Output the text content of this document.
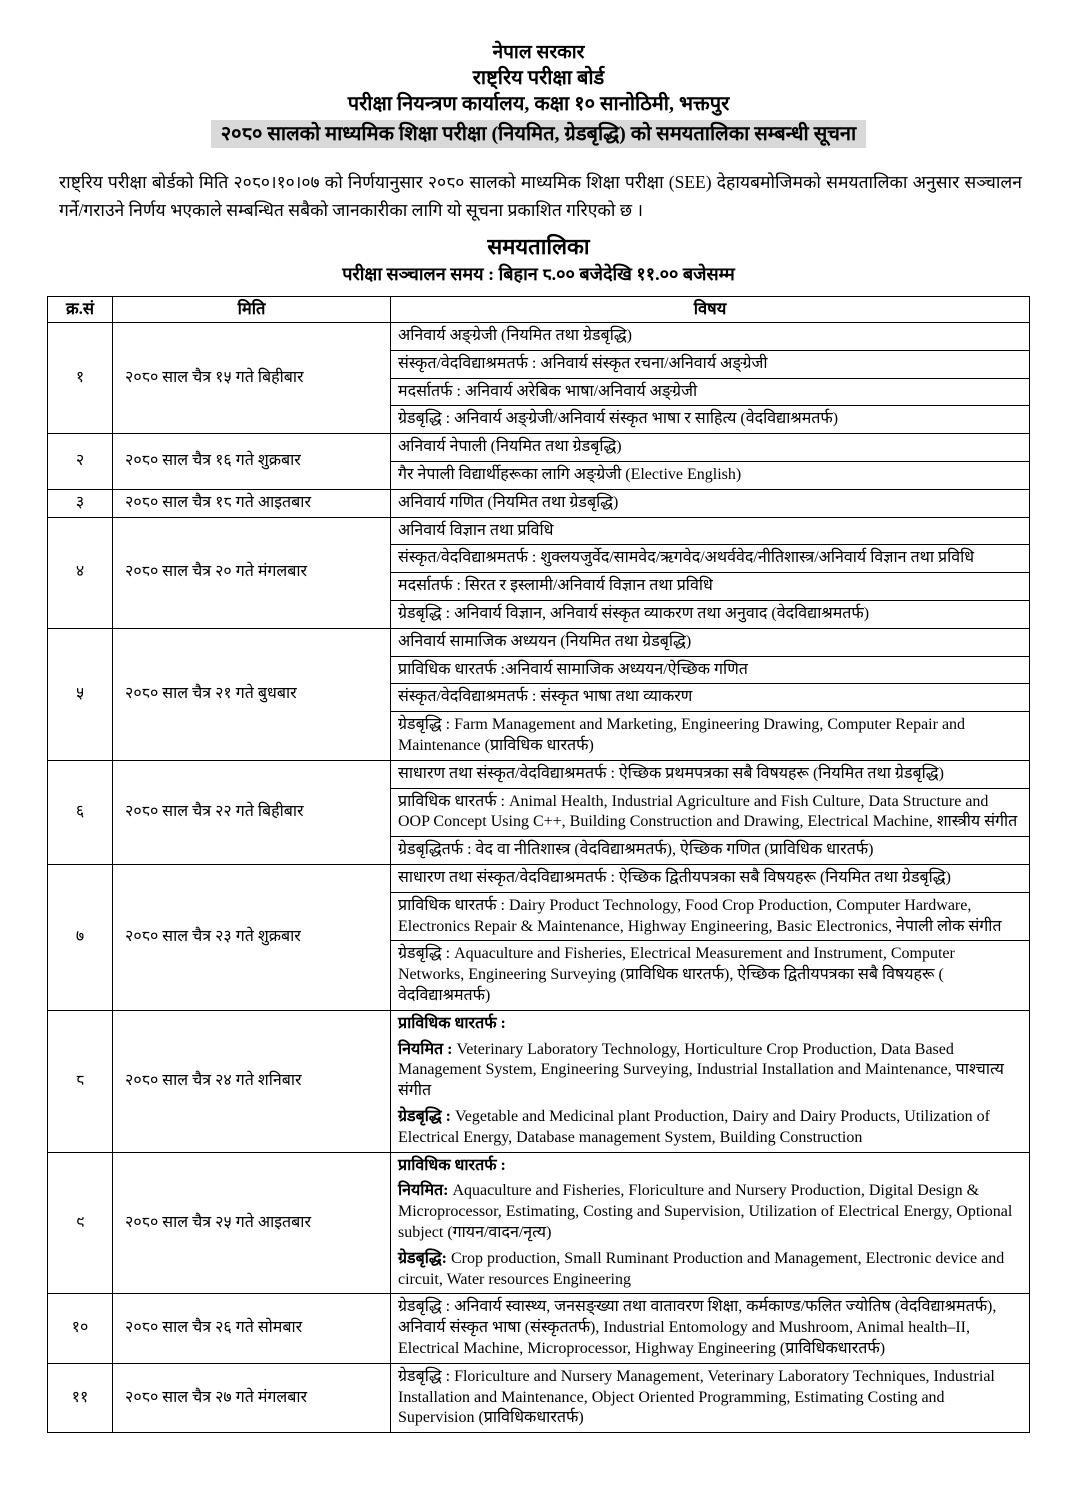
नेपाल सरकार
राष्ट्रिय परीक्षा बोर्ड
परीक्षा नियन्त्रण कार्यालय, कक्षा १० सानोठिमी, भक्तपुर
२०८० सालको माध्यमिक शिक्षा परीक्षा (नियमित, ग्रेडबृद्धि) को समयतालिका सम्बन्धी सूचना

राष्ट्रिय परीक्षा बोर्डको मिति २०८०।१०।०७ को निर्णयानुसार २०८० सालको माध्यमिक शिक्षा परीक्षा (SEE) देहायबमोजिमको समयतालिका अनुसार सञ्चालन गर्ने/गराउने निर्णय भएकाले सम्बन्धित सबैको जानकारीका लागि यो सूचना प्रकाशित गरिएको छ ।

समयतालिका
परीक्षा सञ्चालन समय : बिहान ८.०० बजेदेखि ११.०० बजेसम्म
क्र.सं	मिति	विषय
१	२०८० साल चैत्र १५ गते बिहीबार	अनिवार्य अङ्ग्रेजी (नियमित तथा ग्रेडबृद्धि)

		संस्कृत/वेदविद्याश्रमतर्फ : अनिवार्य संस्कृत रचना/अनिवार्य अङ्ग्रेजी

		मदर्सातर्फ : अनिवार्य अरेबिक भाषा/अनिवार्य अङ्ग्रेजी

		ग्रेडबृद्धि : अनिवार्य अङ्ग्रेजी/अनिवार्य संस्कृत भाषा र साहित्य (वेदविद्याश्रमतर्फ)

२	२०८० साल चैत्र १६ गते शुक्रबार	अनिवार्य नेपाली (नियमित तथा ग्रेडबृद्धि)

		गैर नेपाली विद्यार्थीहरूका लागि अङ्ग्रेजी (Elective English)

३	२०८० साल चैत्र १८ गते आइतबार	अनिवार्य गणित (नियमित तथा ग्रेडबृद्धि)

४	२०८० साल चैत्र २० गते मंगलबार	अनिवार्य विज्ञान तथा प्रविधि

		संस्कृत/वेदविद्याश्रमतर्फ : शुक्लयजुर्वेद/सामवेद/ऋगवेद/अथर्ववेद/नीतिशास्त्र/अनिवार्य विज्ञान तथा प्रविधि

		मदर्सातर्फ : सिरत र इस्लामी/अनिवार्य विज्ञान तथा प्रविधि

		ग्रेडबृद्धि : अनिवार्य विज्ञान, अनिवार्य संस्कृत व्याकरण तथा अनुवाद (वेदविद्याश्रमतर्फ)

५	२०८० साल चैत्र २१ गते बुधबार	अनिवार्य सामाजिक अध्ययन (नियमित तथा ग्रेडबृद्धि)

		प्राविधिक धारतर्फ :अनिवार्य सामाजिक अध्ययन/ऐच्छिक गणित

		संस्कृत/वेदविद्याश्रमतर्फ : संस्कृत भाषा तथा व्याकरण

		ग्रेडबृद्धि : Farm Management and Marketing, Engineering Drawing, Computer Repair and Maintenance (प्राविधिक धारतर्फ)

६	२०८० साल चैत्र २२ गते बिहीबार	साधारण तथा संस्कृत/वेदविद्याश्रमतर्फ : ऐच्छिक प्रथमपत्रका सबै विषयहरू (नियमित तथा ग्रेडबृद्धि)

		प्राविधिक धारतर्फ : Animal Health, Industrial Agriculture and Fish Culture, Data Structure and OOP Concept Using C++, Building Construction and Drawing, Electrical Machine, शास्त्रीय संगीत

		ग्रेडबृद्धितर्फ : वेद वा नीतिशास्त्र (वेदविद्याश्रमतर्फ), ऐच्छिक गणित (प्राविधिक धारतर्फ)

७	२०८० साल चैत्र २३ गते शुक्रबार	साधारण तथा संस्कृत/वेदविद्याश्रमतर्फ : ऐच्छिक द्वितीयपत्रका सबै विषयहरू (नियमित तथा ग्रेडबृद्धि)

		प्राविधिक धारतर्फ : Dairy Product Technology, Food Crop Production, Computer Hardware, Electronics Repair & Maintenance, Highway Engineering, Basic Electronics, नेपाली लोक संगीत

		ग्रेडबृद्धि : Aquaculture and Fisheries, Electrical Measurement and Instrument, Computer Networks, Engineering Surveying (प्राविधिक धारतर्फ), ऐच्छिक द्वितीयपत्रका सबै विषयहरू ( वेदविद्याश्रमतर्फ)

८	२०८० साल चैत्र २४ गते शनिबार	प्राविधिक धारतर्फ :
नियमित : Veterinary Laboratory Technology, Horticulture Crop Production, Data Based Management System, Engineering Surveying, Industrial Installation and Maintenance, पाश्चात्य संगीत
ग्रेडबृद्धि : Vegetable and Medicinal plant Production, Dairy and Dairy Products, Utilization of Electrical Energy, Database management System, Building Construction

९	२०८० साल चैत्र २५ गते आइतबार	प्राविधिक धारतर्फ :
नियमित: Aquaculture and Fisheries, Floriculture and Nursery Production, Digital Design & Microprocessor, Estimating, Costing and Supervision, Utilization of Electrical Energy, Optional subject (गायन/वादन/नृत्य)
ग्रेडबृद्धि: Crop production, Small Ruminant Production and Management, Electronic device and circuit, Water resources Engineering

१०	२०८० साल चैत्र २६ गते सोमबार	ग्रेडबृद्धि : अनिवार्य स्वास्थ्य, जनसङ्ख्या तथा वातावरण शिक्षा, कर्मकाण्ड/फलित ज्योतिष (वेदविद्याश्रमतर्फ), अनिवार्य संस्कृत भाषा (संस्कृततर्फ), Industrial Entomology and Mushroom, Animal health–II, Electrical Machine, Microprocessor, Highway Engineering (प्राविधिकधारतर्फ)

११	२०८० साल चैत्र २७ गते मंगलबार	ग्रेडबृद्धि : Floriculture and Nursery Management, Veterinary Laboratory Techniques, Industrial Installation and Maintenance, Object Oriented Programming, Estimating Costing and Supervision (प्राविधिकधारतर्फ)
